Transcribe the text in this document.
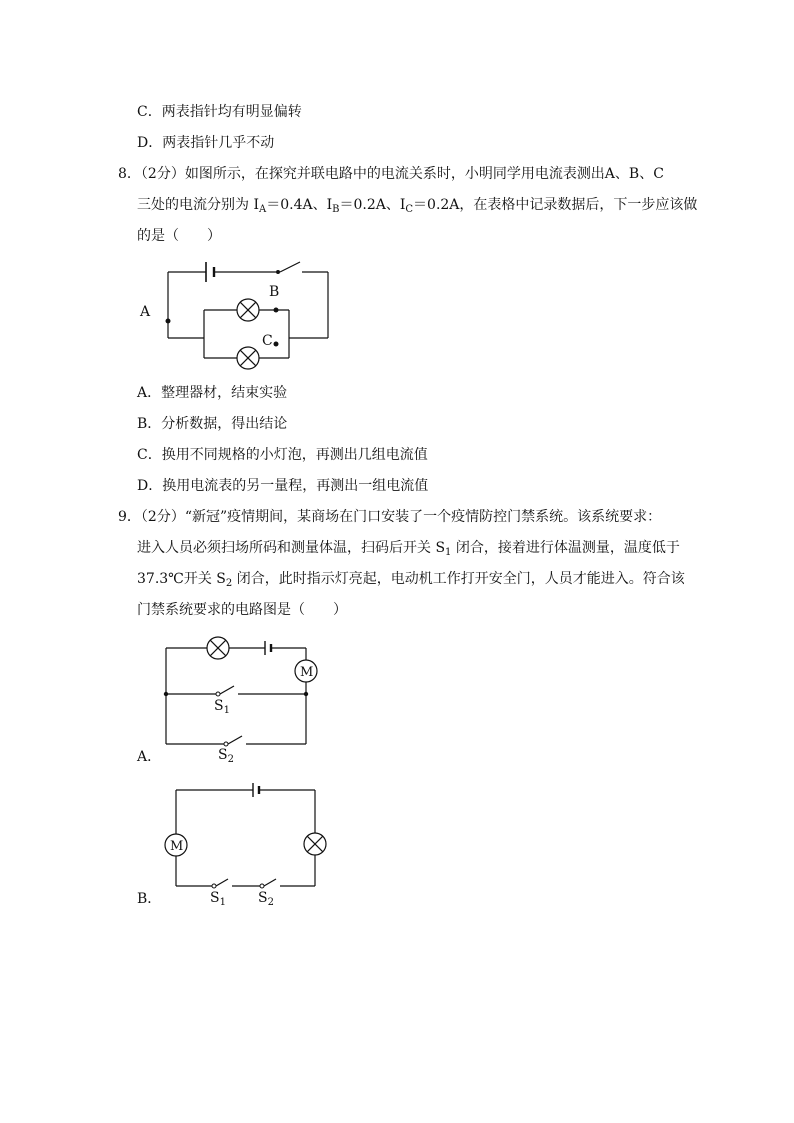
C．两表指针均有明显偏转
D．两表指针几乎不动
8．（2分）如图所示，在探究并联电路中的电流关系时，小明同学用电流表测出A、B、C
三处的电流分别为 $I_A=0.4A$、$I_B=0.2A$、$I_C=0.2A$，在表格中记录数据后，下一步应该做
的是（　　）
A
B
C
A．整理器材，结束实验
B．分析数据，得出结论
C．换用不同规格的小灯泡，再测出几组电流值
D．换用电流表的另一量程，再测出一组电流值
9．（2分）“新冠”疫情期间，某商场在门口安装了一个疫情防控门禁系统。该系统要求：
进入人员必须扫场所码和测量体温，扫码后开关 $S_1$ 闭合，接着进行体温测量，温度低于
37.3℃开关 $S_2$ 闭合，此时指示灯亮起，电动机工作打开安全门，人员才能进入。符合该
门禁系统要求的电路图是（　　）
M
$S_1$
$S_2$
A．
M
$S_1$ $S_2$
B．
